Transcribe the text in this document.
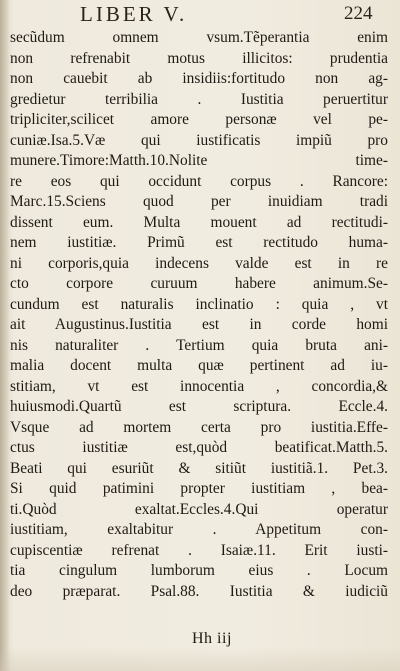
LIBER V.	224
secũdum omnem vsum.Tẽperantia enim
non refrenabit motus illicitos: prudentia
non cauebit ab insidiis:fortitudo non ag-
gredietur terribilia . Iustitia peruertitur
tripliciter,scilicet amore personæ vel pe-
cuniæ.Isa.5.Væ qui iustificatis impiũ pro
munere.Timore:Matth.10.Nolite time-
re eos qui occidunt corpus . Rancore:
Marc.15.Sciens quod per inuidiam tradi
dissent eum. Multa mouent ad rectitudi-
nem iustitiæ. Primũ est rectitudo huma-
ni corporis,quia indecens valde est in re
cto corpore curuum habere animum.Se-
cundum est naturalis inclinatio : quia , vt
ait Augustinus.Iustitia est in corde homi
nis naturaliter . Tertium quia bruta ani-
malia docent multa quæ pertinent ad iu-
stitiam, vt est innocentia , concordia,&
huiusmodi.Quartũ est scriptura. Eccle.4.
Vsque ad mortem certa pro iustitia.Effe-
ctus iustitiæ est,quòd beatificat.Matth.5.
Beati qui esuriũt & sitiũt iustitiã.1. Pet.3.
Si quid patimini propter iustitiam , bea-
ti.Quòd exaltat.Eccles.4.Qui operatur
iustitiam, exaltabitur . Appetitum con-
cupiscentiæ refrenat . Isaiæ.11. Erit iusti-
tia cingulum lumborum eius . Locum
deo præparat. Psal.88. Iustitia & iudiciũ
Hh iij
